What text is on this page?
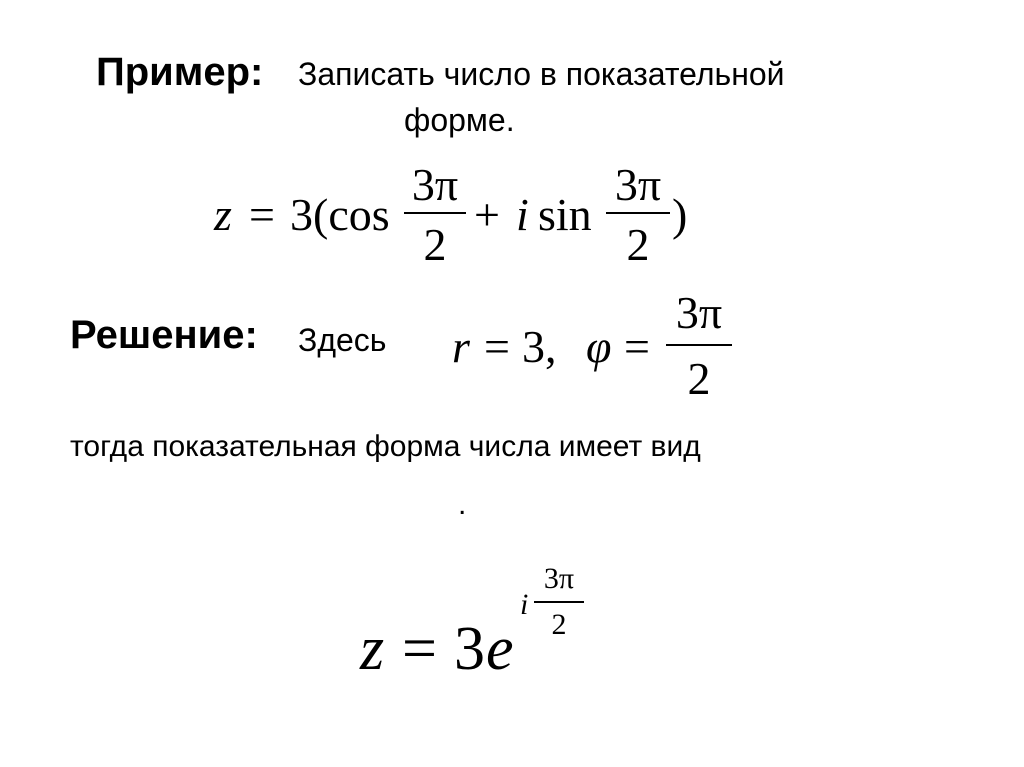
Пример: Записать число в показательной
форме.
z = 3(cos
3π
2
+ i sin
3π
2
)
Решение: Здесь r = 3, φ =
3π
2
тогда показательная форма числа имеет вид
.
z = 3 e
i
3π
2
